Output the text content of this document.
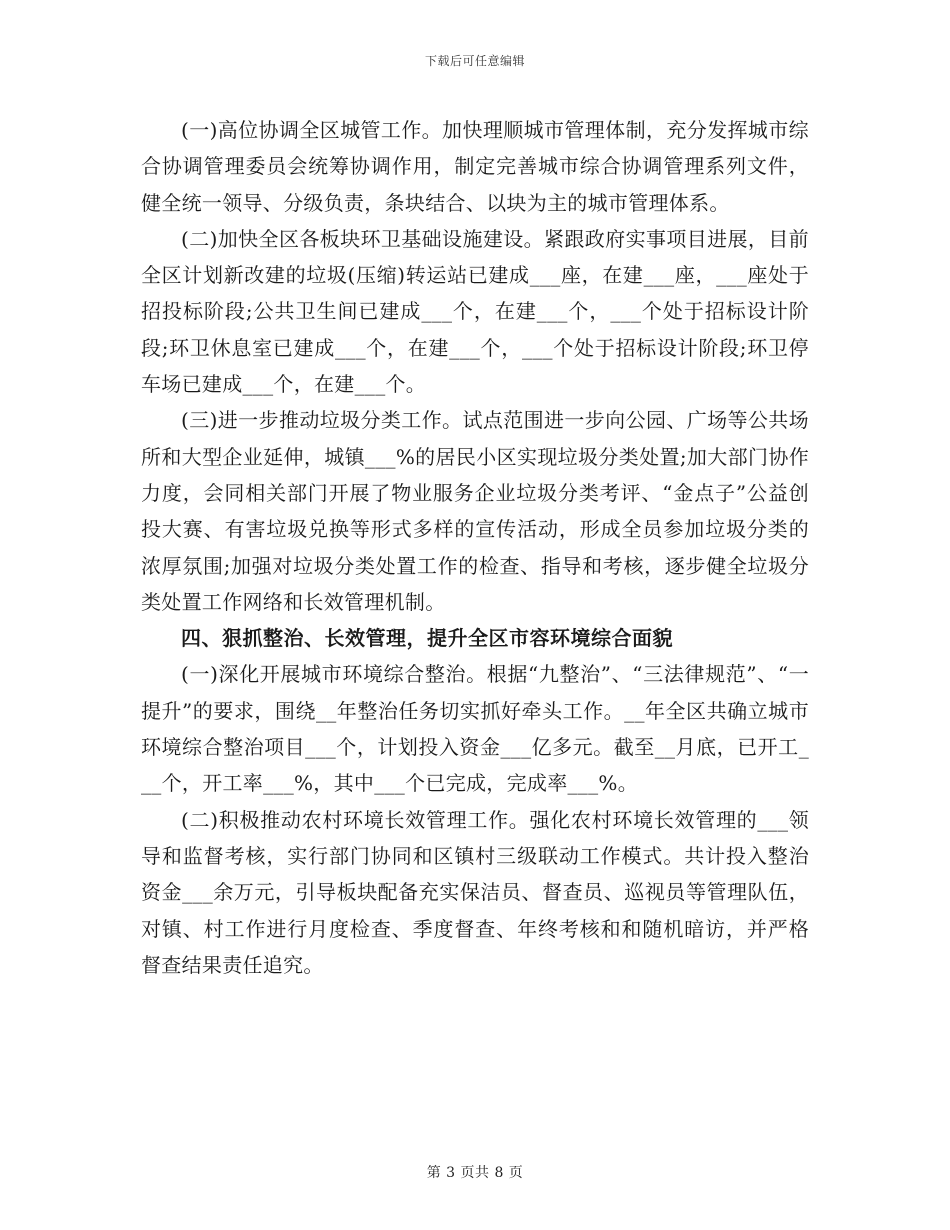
下载后可任意编辑

(一)高位协调全区城管工作。加快理顺城市管理体制，充分发挥城市综合协调管理委员会统筹协调作用，制定完善城市综合协调管理系列文件，健全统一领导、分级负责，条块结合、以块为主的城市管理体系。

(二)加快全区各板块环卫基础设施建设。紧跟政府实事项目进展，目前全区计划新改建的垃圾(压缩)转运站已建成___座，在建___座，___座处于招投标阶段;公共卫生间已建成___个，在建___个，___个处于招标设计阶段;环卫休息室已建成___个，在建___个，___个处于招标设计阶段;环卫停车场已建成___个，在建___个。

(三)进一步推动垃圾分类工作。试点范围进一步向公园、广场等公共场所和大型企业延伸，城镇___%的居民小区实现垃圾分类处置;加大部门协作力度，会同相关部门开展了物业服务企业垃圾分类考评、“金点子”公益创投大赛、有害垃圾兑换等形式多样的宣传活动，形成全员参加垃圾分类的浓厚氛围;加强对垃圾分类处置工作的检查、指导和考核，逐步健全垃圾分类处置工作网络和长效管理机制。

四、狠抓整治、长效管理，提升全区市容环境综合面貌

(一)深化开展城市环境综合整治。根据“九整治”、“三法律规范”、“一提升”的要求，围绕__年整治任务切实抓好牵头工作。__年全区共确立城市环境综合整治项目___个，计划投入资金___亿多元。截至__月底，已开工___个，开工率___%，其中___个已完成，完成率___%。

(二)积极推动农村环境长效管理工作。强化农村环境长效管理的___领导和监督考核，实行部门协同和区镇村三级联动工作模式。共计投入整治资金___余万元，引导板块配备充实保洁员、督查员、巡视员等管理队伍，对镇、村工作进行月度检查、季度督查、年终考核和和随机暗访，并严格督查结果责任追究。

第 3 页共 8 页
